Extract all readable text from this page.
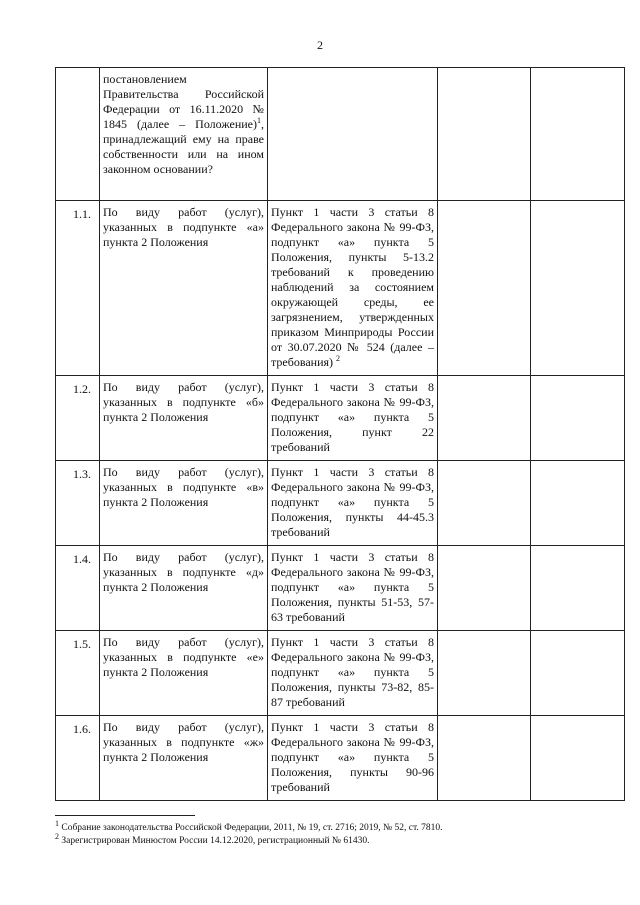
2

	постановлением
Правительства Российской Федерации от 16.11.2020 № 1845 (далее – Положение)$^1$, принадлежащий ему на праве собственности или на ином законном основании?			
1.1.	По виду работ (услуг), указанных в подпункте «а» пункта 2 Положения	Пункт 1 части 3 статьи 8 Федерального закона № 99-ФЗ, подпункт «а» пункта 5 Положения, пункты 5-13.2 требований к проведению наблюдений за состоянием окружающей среды, ее загрязнением, утвержденных приказом Минприроды России от 30.07.2020 № 524 (далее – требования) $^2$		
1.2.	По виду работ (услуг), указанных в подпункте «б» пункта 2 Положения	Пункт 1 части 3 статьи 8 Федерального закона № 99-ФЗ, подпункт «а» пункта 5 Положения, пункт 22 требований		
1.3.	По виду работ (услуг), указанных в подпункте «в» пункта 2 Положения	Пункт 1 части 3 статьи 8 Федерального закона № 99-ФЗ, подпункт «а» пункта 5 Положения, пункты 44-45.3 требований		
1.4.	По виду работ (услуг), указанных в подпункте «д» пункта 2 Положения	Пункт 1 части 3 статьи 8 Федерального закона № 99-ФЗ, подпункт «а» пункта 5 Положения, пункты 51-53, 57-63 требований		
1.5.	По виду работ (услуг), указанных в подпункте «е» пункта 2 Положения	Пункт 1 части 3 статьи 8 Федерального закона № 99-ФЗ, подпункт «а» пункта 5 Положения, пункты 73-82, 85-87 требований		
1.6.	По виду работ (услуг), указанных в подпункте «ж» пункта 2 Положения	Пункт 1 части 3 статьи 8 Федерального закона № 99-ФЗ, подпункт «а» пункта 5 Положения, пункты 90-96 требований		
$^1$ Собрание законодательства Российской Федерации, 2011, № 19, ст. 2716; 2019, № 52, ст. 7810.
$^2$ Зарегистрирован Минюстом России 14.12.2020, регистрационный № 61430.
